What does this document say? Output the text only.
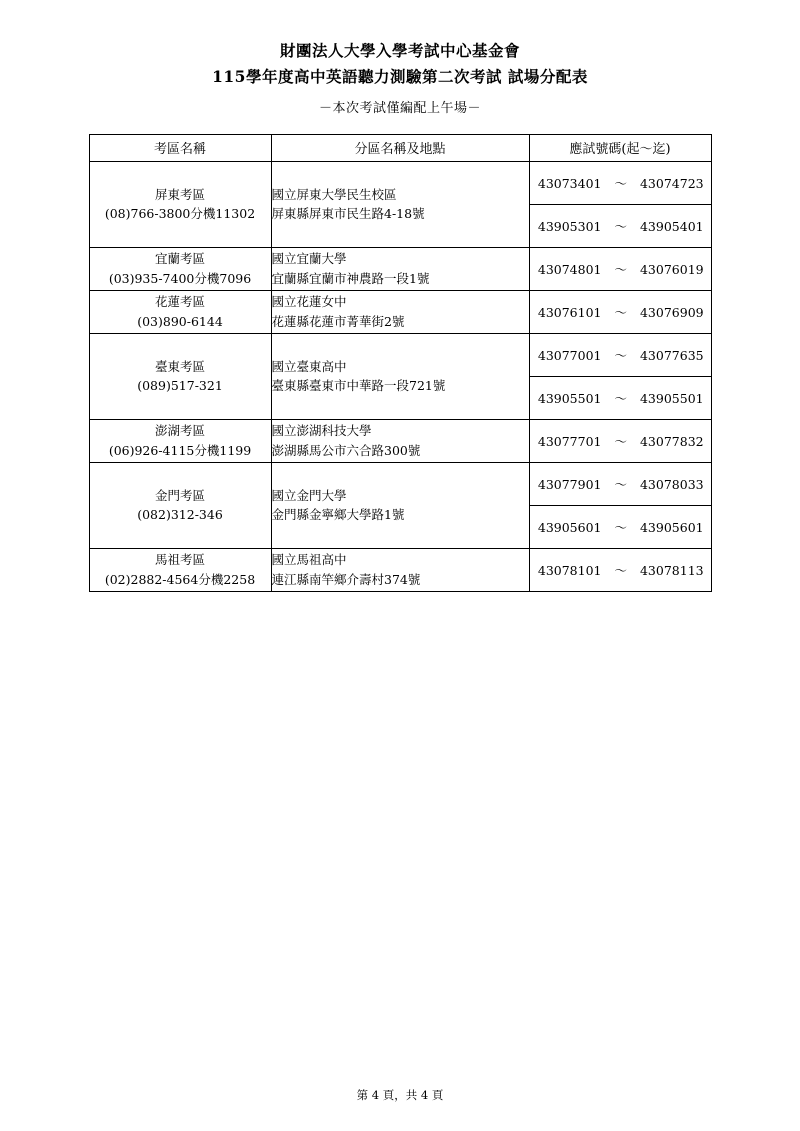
財團法人大學入學考試中心基金會
115學年度高中英語聽力測驗第二次考試 試場分配表
－本次考試僅編配上午場－
考區名稱	分區名稱及地點	應試號碼(起～迄)

屏東考區
(08)766-3800分機11302	國立屏東大學民生校區
屏東縣屏東市民生路4-18號	43073401 ～ 43074723
		43905301 ～ 43905401

宜蘭考區
(03)935-7400分機7096	國立宜蘭大學
宜蘭縣宜蘭市神農路一段1號	43074801 ～ 43076019

花蓮考區
(03)890-6144	國立花蓮女中
花蓮縣花蓮市菁華街2號	43076101 ～ 43076909

臺東考區
(089)517-321	國立臺東高中
臺東縣臺東市中華路一段721號	43077001 ～ 43077635
		43905501 ～ 43905501

澎湖考區
(06)926-4115分機1199	國立澎湖科技大學
澎湖縣馬公市六合路300號	43077701 ～ 43077832

金門考區
(082)312-346	國立金門大學
金門縣金寧鄉大學路1號	43077901 ～ 43078033
		43905601 ～ 43905601

馬祖考區
(02)2882-4564分機2258	國立馬祖高中
連江縣南竿鄉介壽村374號	43078101 ～ 43078113
第 4 頁，共 4 頁
